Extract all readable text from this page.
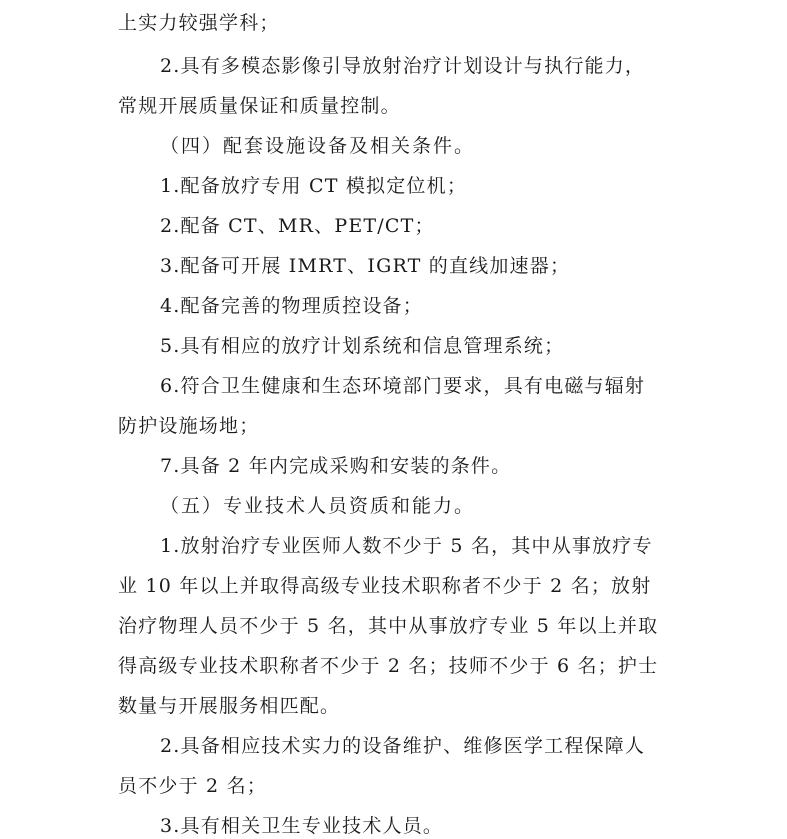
上实力较强学科；
2.具有多模态影像引导放射治疗计划设计与执行能力，
常规开展质量保证和质量控制。
（四）配套设施设备及相关条件。
1.配备放疗专用 CT 模拟定位机；
2.配备 CT、MR、PET/CT；
3.配备可开展 IMRT、IGRT 的直线加速器；
4.配备完善的物理质控设备；
5.具有相应的放疗计划系统和信息管理系统；
6.符合卫生健康和生态环境部门要求，具有电磁与辐射
防护设施场地；
7.具备 2 年内完成采购和安装的条件。
（五）专业技术人员资质和能力。
1.放射治疗专业医师人数不少于 5 名，其中从事放疗专
业 10 年以上并取得高级专业技术职称者不少于 2 名；放射
治疗物理人员不少于 5 名，其中从事放疗专业 5 年以上并取
得高级专业技术职称者不少于 2 名；技师不少于 6 名；护士
数量与开展服务相匹配。
2.具备相应技术实力的设备维护、维修医学工程保障人
员不少于 2 名；
3.具有相关卫生专业技术人员。
